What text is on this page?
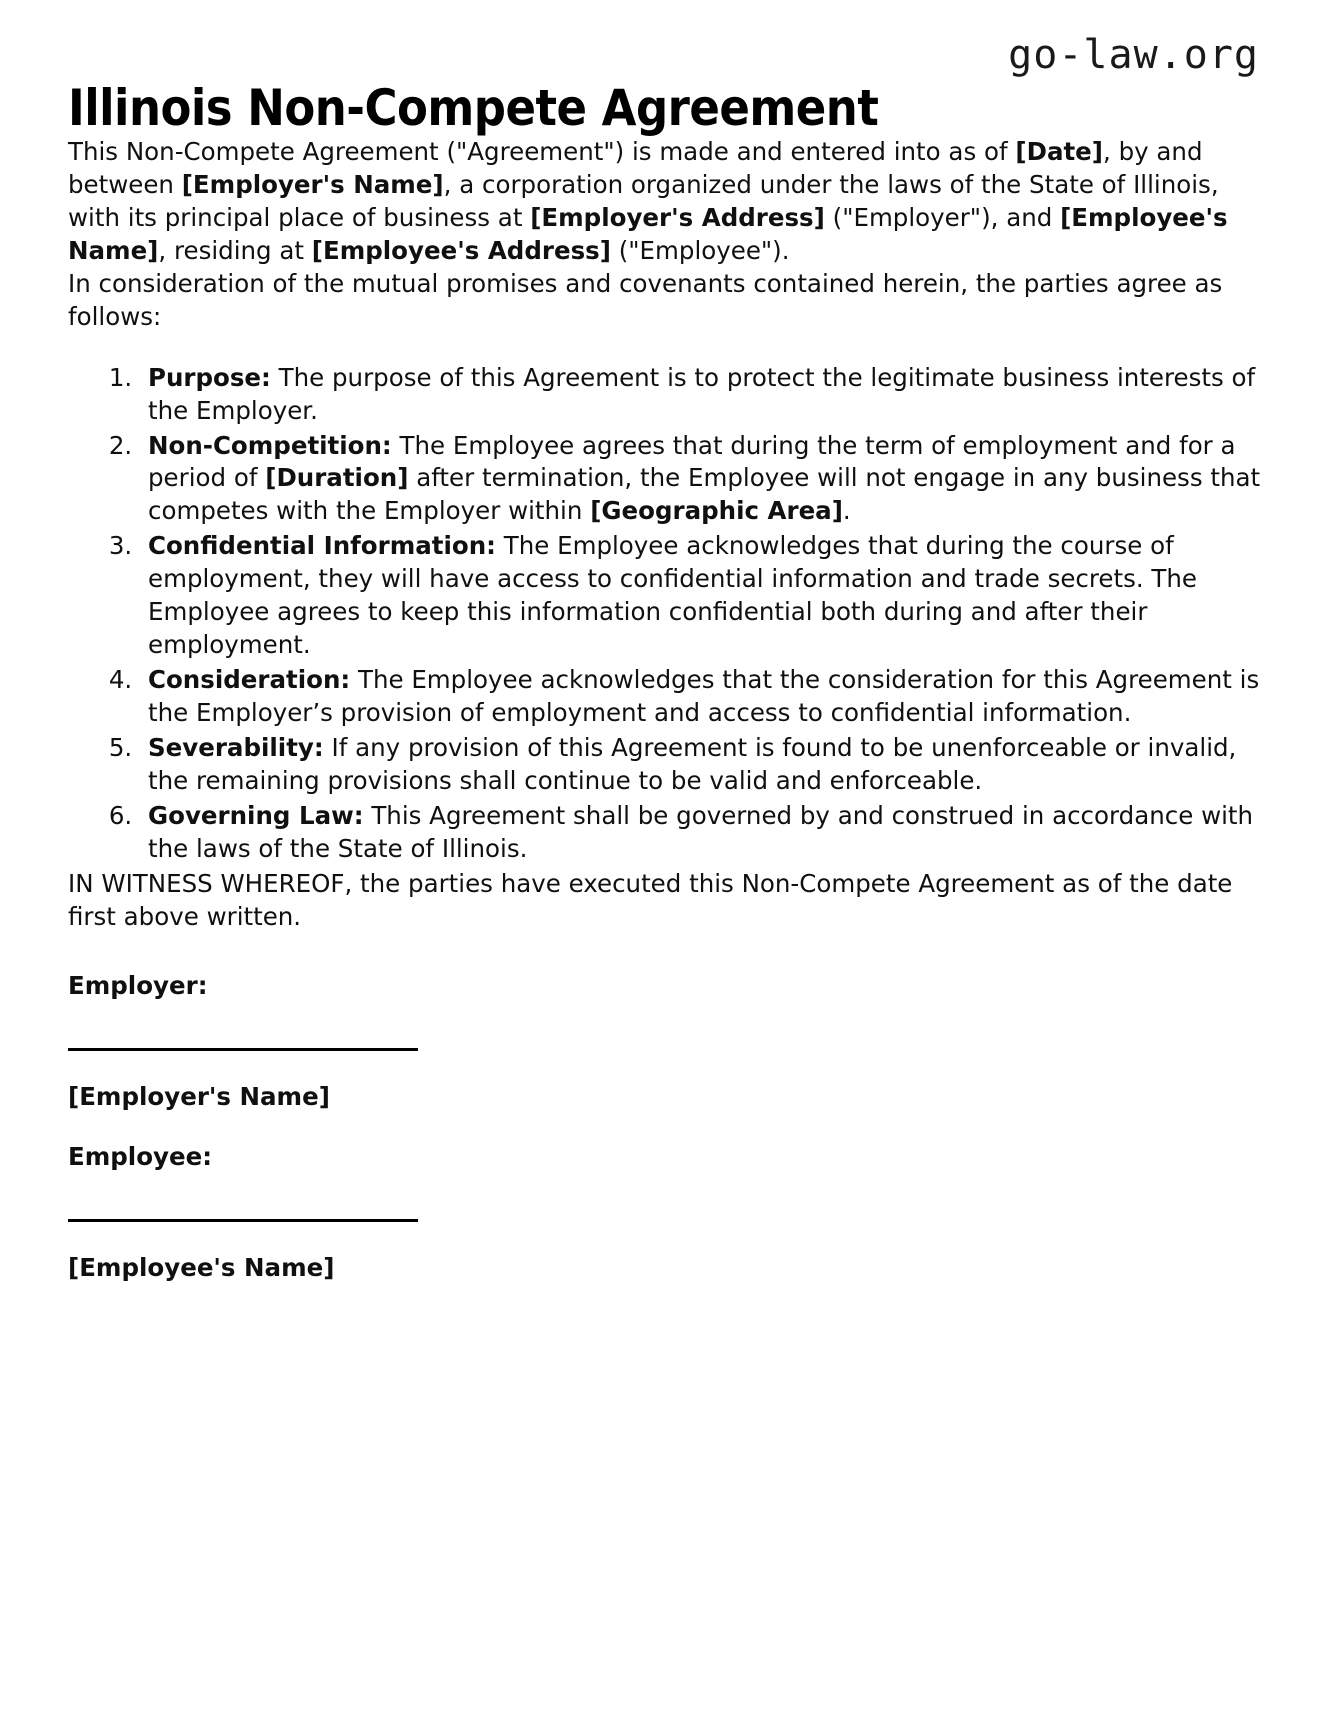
go-law.org
Illinois Non-Compete Agreement

This Non-Compete Agreement ("Agreement") is made and entered into as of [Date], by and between [Employer's Name], a corporation organized under the laws of the State of Illinois, with its principal place of business at [Employer's Address] ("Employer"), and [Employee's Name], residing at [Employee's Address] ("Employee").

In consideration of the mutual promises and covenants contained herein, the parties agree as follows:

1. Purpose: The purpose of this Agreement is to protect the legitimate business interests of the Employer.
2. Non-Competition: The Employee agrees that during the term of employment and for a period of [Duration] after termination, the Employee will not engage in any business that competes with the Employer within [Geographic Area].
3. Confidential Information: The Employee acknowledges that during the course of employment, they will have access to confidential information and trade secrets. The Employee agrees to keep this information confidential both during and after their employment.
4. Consideration: The Employee acknowledges that the consideration for this Agreement is the Employer’s provision of employment and access to confidential information.
5. Severability: If any provision of this Agreement is found to be unenforceable or invalid, the remaining provisions shall continue to be valid and enforceable.
6. Governing Law: This Agreement shall be governed by and construed in accordance with the laws of the State of Illinois.

IN WITNESS WHEREOF, the parties have executed this Non-Compete Agreement as of the date first above written.

Employer:

[Employer's Name]

Employee:

[Employee's Name]
